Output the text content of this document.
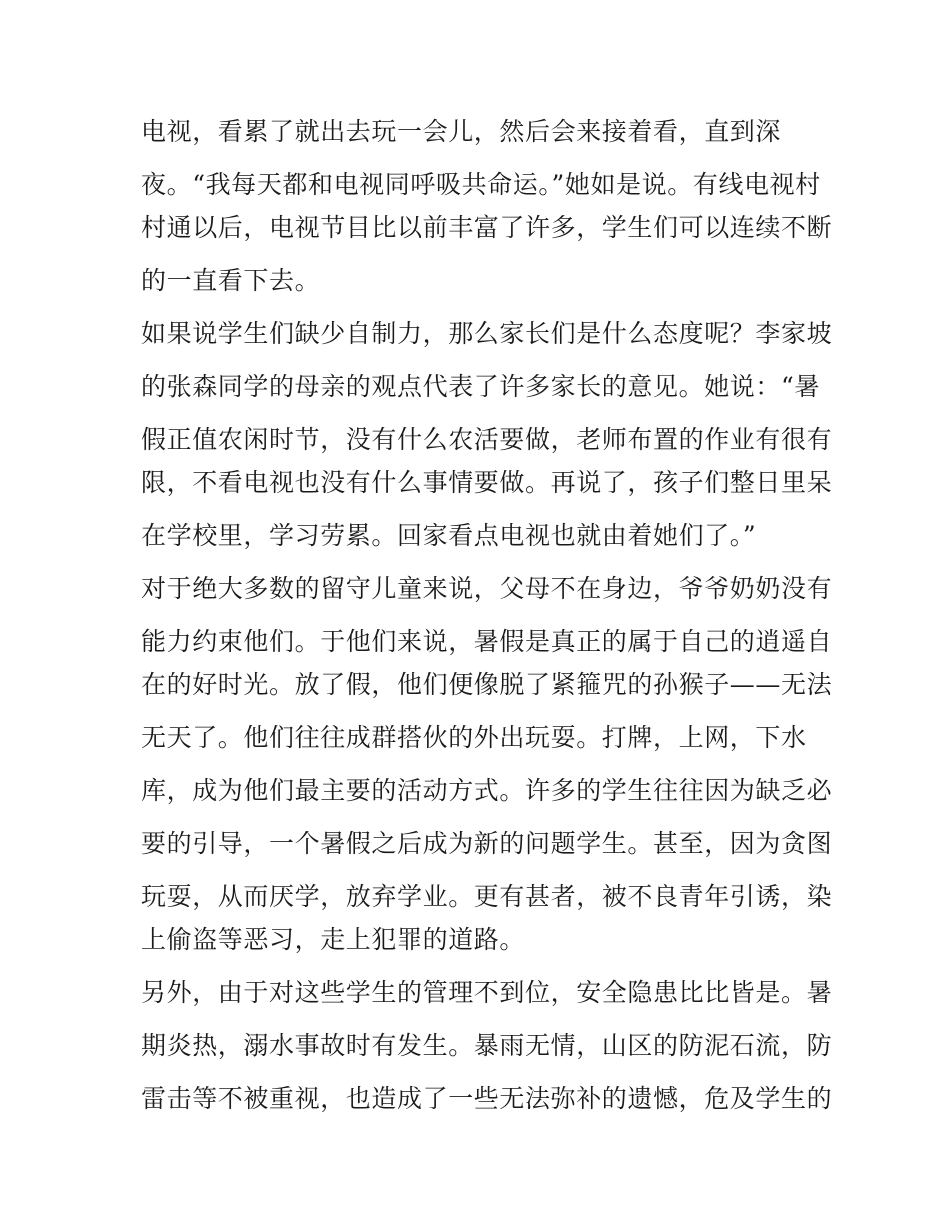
电视，看累了就出去玩一会儿，然后会来接着看，直到深
夜。“我每天都和电视同呼吸共命运。”她如是说。有线电视村
村通以后，电视节目比以前丰富了许多，学生们可以连续不断
的一直看下去。
如果说学生们缺少自制力，那么家长们是什么态度呢？李家坡
的张森同学的母亲的观点代表了许多家长的意见。她说：“暑
假正值农闲时节，没有什么农活要做，老师布置的作业有很有
限，不看电视也没有什么事情要做。再说了，孩子们整日里呆
在学校里，学习劳累。回家看点电视也就由着她们了。”
对于绝大多数的留守儿童来说，父母不在身边，爷爷奶奶没有
能力约束他们。于他们来说，暑假是真正的属于自己的逍遥自
在的好时光。放了假，他们便像脱了紧箍咒的孙猴子——无法
无天了。他们往往成群搭伙的外出玩耍。打牌，上网，下水
库，成为他们最主要的活动方式。许多的学生往往因为缺乏必
要的引导，一个暑假之后成为新的问题学生。甚至，因为贪图
玩耍，从而厌学，放弃学业。更有甚者，被不良青年引诱，染
上偷盗等恶习，走上犯罪的道路。
另外，由于对这些学生的管理不到位，安全隐患比比皆是。暑
期炎热，溺水事故时有发生。暴雨无情，山区的防泥石流，防
雷击等不被重视，也造成了一些无法弥补的遗憾，危及学生的
